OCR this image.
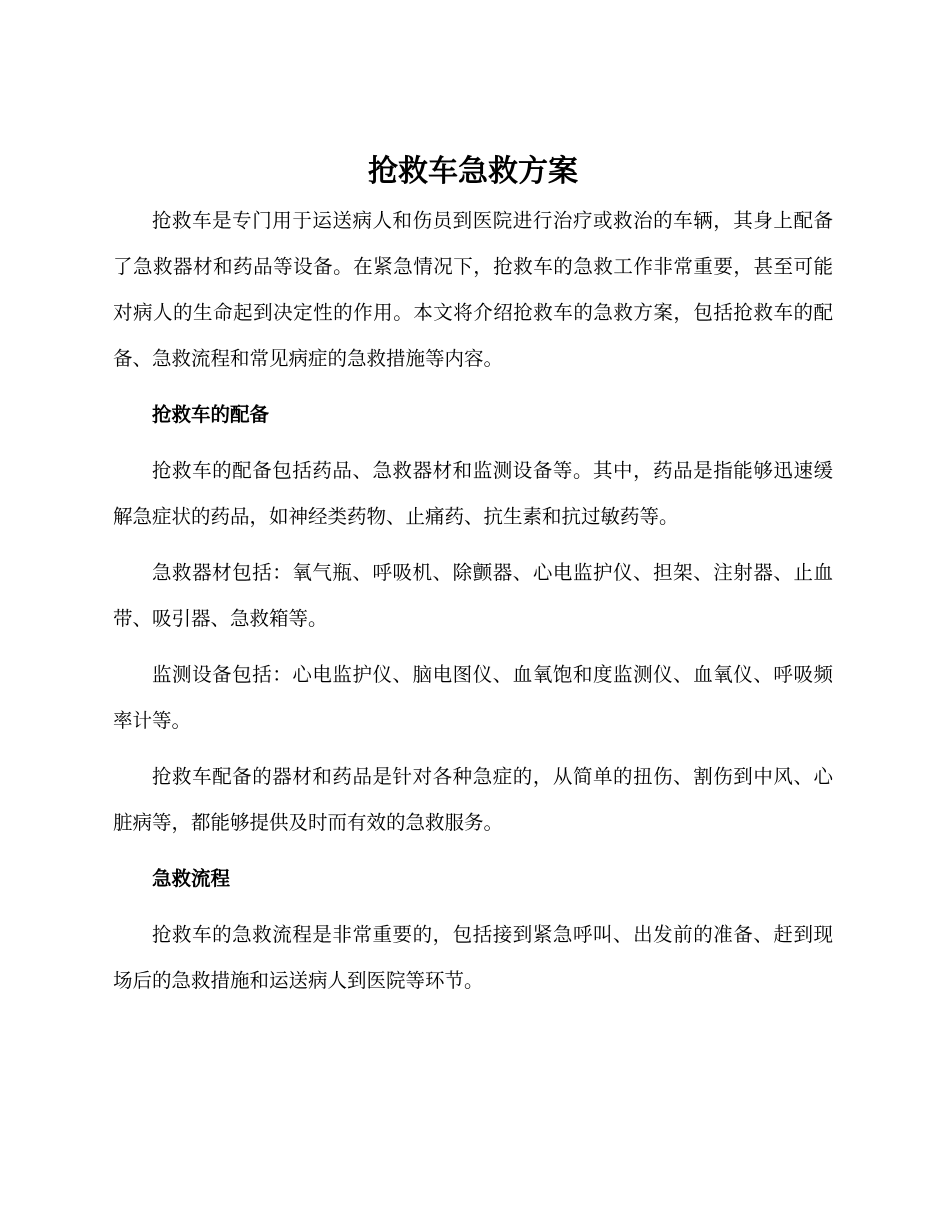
抢救车急救方案

抢救车是专门用于运送病人和伤员到医院进行治疗或救治的车辆，其身上配备了急救器材和药品等设备。在紧急情况下，抢救车的急救工作非常重要，甚至可能对病人的生命起到决定性的作用。本文将介绍抢救车的急救方案，包括抢救车的配备、急救流程和常见病症的急救措施等内容。

抢救车的配备

抢救车的配备包括药品、急救器材和监测设备等。其中，药品是指能够迅速缓解急症状的药品，如神经类药物、止痛药、抗生素和抗过敏药等。

急救器材包括：氧气瓶、呼吸机、除颤器、心电监护仪、担架、注射器、止血带、吸引器、急救箱等。

监测设备包括：心电监护仪、脑电图仪、血氧饱和度监测仪、血氧仪、呼吸频率计等。

抢救车配备的器材和药品是针对各种急症的，从简单的扭伤、割伤到中风、心脏病等，都能够提供及时而有效的急救服务。

急救流程

抢救车的急救流程是非常重要的，包括接到紧急呼叫、出发前的准备、赶到现场后的急救措施和运送病人到医院等环节。
